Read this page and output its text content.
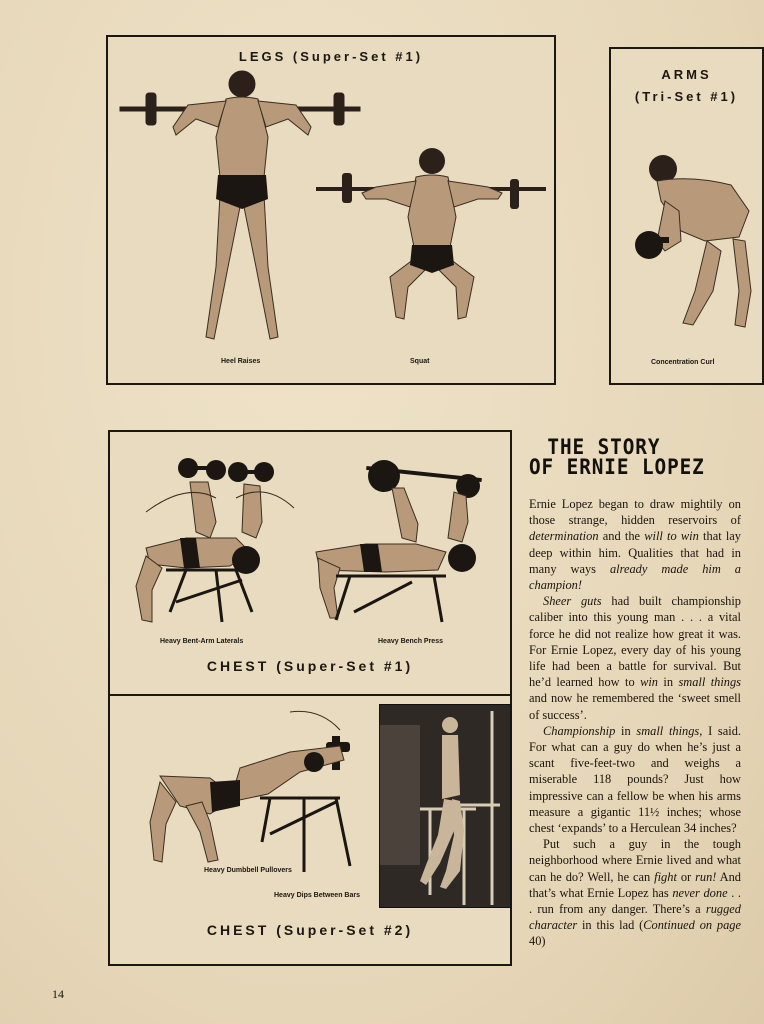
LEGS (Super-Set #1)
Heel Raises	Squat
ARMS
(Tri-Set #1)
Concentration Curl
Heavy Bent-Arm Laterals	Heavy Bench Press
CHEST (Super-Set #1)
Heavy Dumbbell Pullovers
Heavy Dips Between Bars
CHEST (Super-Set #2)
THE STORY
OF ERNIE LOPEZ

Ernie Lopez began to draw mightily on those strange, hidden reservoirs of determination and the will to win that lay deep within him. Qualities that had in many ways already made him a champion!

Sheer guts had built championship caliber into this young man . . . a vital force he did not realize how great it was. For Ernie Lopez, every day of his young life had been a battle for survival. But he’d learned how to win in small things and now he remembered the ‘sweet smell of success’.

Championship in small things, I said. For what can a guy do when he’s just a scant five-feet-two and weighs a miserable 118 pounds? Just how impressive can a fellow be when his arms measure a gigantic 11½ inches; whose chest ‘expands’ to a Herculean 34 inches?

Put such a guy in the tough neighborhood where Ernie lived and what can he do? Well, he can fight or run! And that’s what Ernie Lopez has never done . . . run from any danger. There’s a rugged character in this lad (Continued on page 40)

14
